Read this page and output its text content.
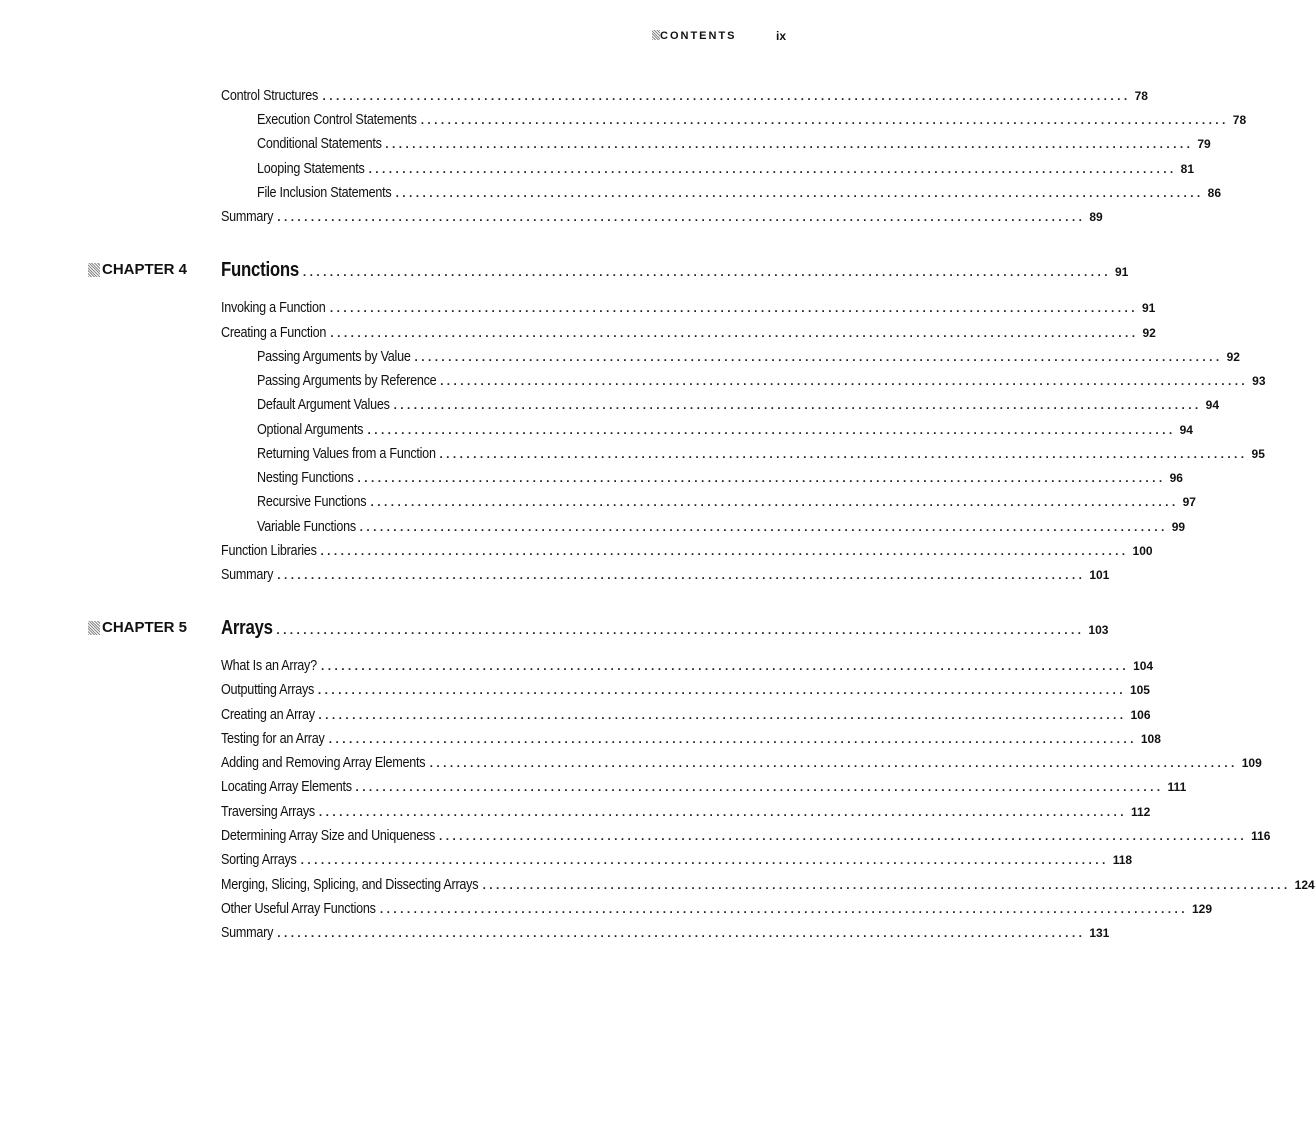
CONTENTS	ix
Control Structures ........................................................................................................................ 78
Execution Control Statements ........................................................................................................................ 78
Conditional Statements ........................................................................................................................ 79
Looping Statements ........................................................................................................................ 81
File Inclusion Statements ........................................................................................................................ 86
Summary ........................................................................................................................ 89
CHAPTER 4 Functions ........................................................................................................................ 91
Invoking a Function ........................................................................................................................ 91
Creating a Function ........................................................................................................................ 92
Passing Arguments by Value ........................................................................................................................ 92
Passing Arguments by Reference ........................................................................................................................ 93
Default Argument Values ........................................................................................................................ 94
Optional Arguments ........................................................................................................................ 94
Returning Values from a Function ........................................................................................................................ 95
Nesting Functions ........................................................................................................................ 96
Recursive Functions ........................................................................................................................ 97
Variable Functions ........................................................................................................................ 99
Function Libraries ........................................................................................................................ 100
Summary ........................................................................................................................ 101
CHAPTER 5 Arrays ........................................................................................................................ 103
What Is an Array? ........................................................................................................................ 104
Outputting Arrays ........................................................................................................................ 105
Creating an Array ........................................................................................................................ 106
Testing for an Array ........................................................................................................................ 108
Adding and Removing Array Elements ........................................................................................................................ 109
Locating Array Elements ........................................................................................................................ 111
Traversing Arrays ........................................................................................................................ 112
Determining Array Size and Uniqueness ........................................................................................................................ 116
Sorting Arrays ........................................................................................................................ 118
Merging, Slicing, Splicing, and Dissecting Arrays ........................................................................................................................ 124
Other Useful Array Functions ........................................................................................................................ 129
Summary ........................................................................................................................ 131
